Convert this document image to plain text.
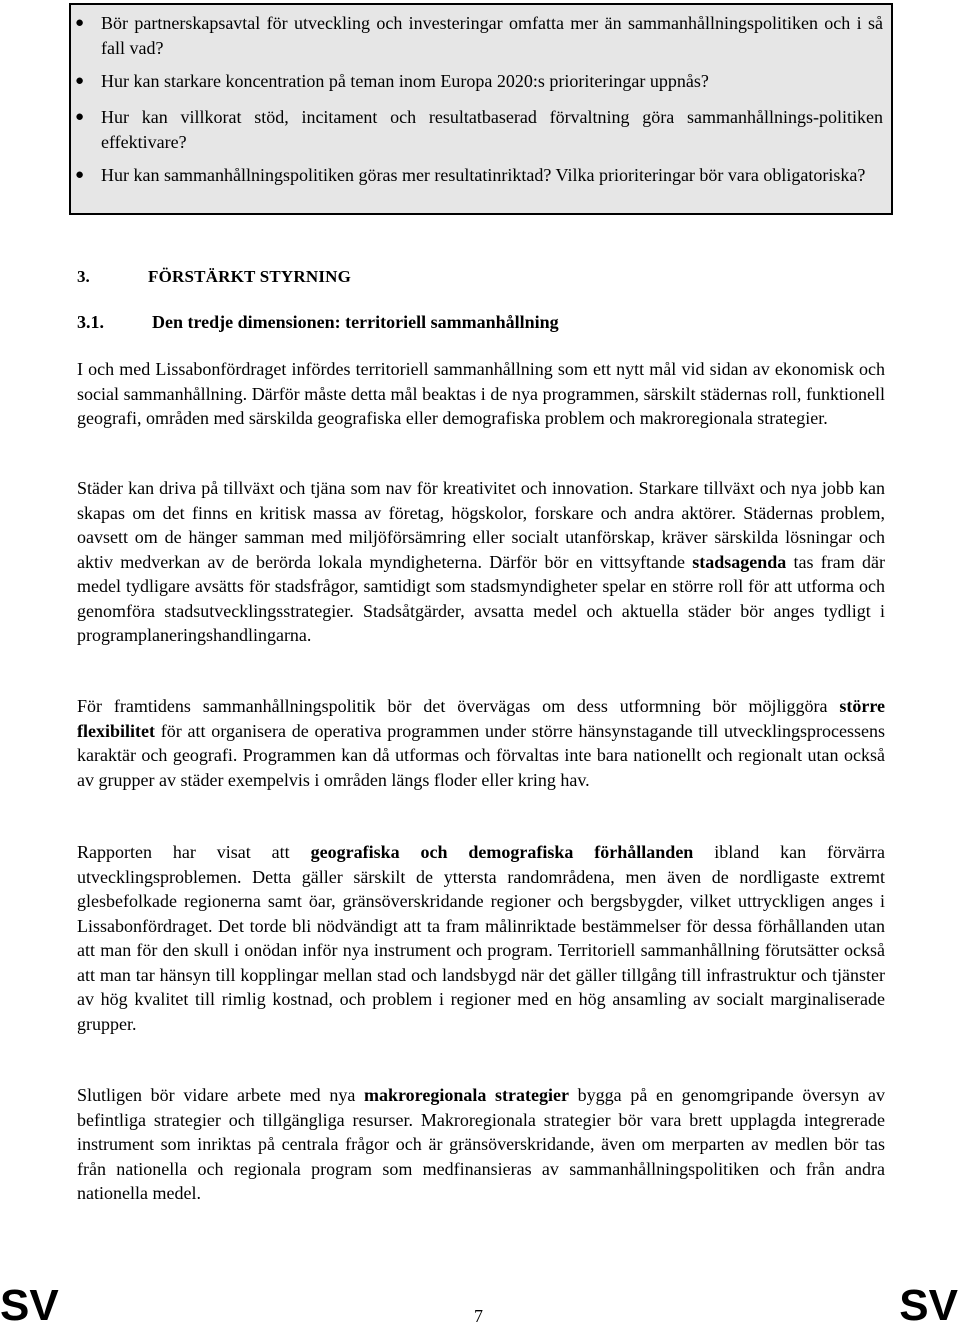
● Bör partnerskapsavtal för utveckling och investeringar omfatta mer än sammanhållningspolitiken och i så fall vad?
● Hur kan starkare koncentration på teman inom Europa 2020:s prioriteringar uppnås?
● Hur kan villkorat stöd, incitament och resultatbaserad förvaltning göra sammanhållnings-politiken effektivare?
● Hur kan sammanhållningspolitiken göras mer resultatinriktad? Vilka prioriteringar bör vara obligatoriska?
3.	FÖRSTÄRKT STYRNING
3.1.	Den tredje dimensionen: territoriell sammanhållning

I och med Lissabonfördraget infördes territoriell sammanhållning som ett nytt mål vid sidan av ekonomisk och social sammanhållning. Därför måste detta mål beaktas i de nya programmen, särskilt städernas roll, funktionell geografi, områden med särskilda geografiska eller demografiska problem och makroregionala strategier.

Städer kan driva på tillväxt och tjäna som nav för kreativitet och innovation. Starkare tillväxt och nya jobb kan skapas om det finns en kritisk massa av företag, högskolor, forskare och andra aktörer. Städernas problem, oavsett om de hänger samman med miljöförsämring eller socialt utanförskap, kräver särskilda lösningar och aktiv medverkan av de berörda lokala myndigheterna. Därför bör en vittsyftande stadsagenda tas fram där medel tydligare avsätts för stadsfrågor, samtidigt som stadsmyndigheter spelar en större roll för att utforma och genomföra stadsutvecklingsstrategier. Stadsåtgärder, avsatta medel och aktuella städer bör anges tydligt i programplaneringshandlingarna.

För framtidens sammanhållningspolitik bör det övervägas om dess utformning bör möjliggöra större flexibilitet för att organisera de operativa programmen under större hänsynstagande till utvecklingsprocessens karaktär och geografi. Programmen kan då utformas och förvaltas inte bara nationellt och regionalt utan också av grupper av städer exempelvis i områden längs floder eller kring hav.

Rapporten har visat att geografiska och demografiska förhållanden ibland kan förvärra utvecklingsproblemen. Detta gäller särskilt de yttersta randområdena, men även de nordligaste extremt glesbefolkade regionerna samt öar, gränsöverskridande regioner och bergsbygder, vilket uttryckligen anges i Lissabonfördraget. Det torde bli nödvändigt att ta fram målinriktade bestämmelser för dessa förhållanden utan att man för den skull i onödan inför nya instrument och program. Territoriell sammanhållning förutsätter också att man tar hänsyn till kopplingar mellan stad och landsbygd när det gäller tillgång till infrastruktur och tjänster av hög kvalitet till rimlig kostnad, och problem i regioner med en hög ansamling av socialt marginaliserade grupper.

Slutligen bör vidare arbete med nya makroregionala strategier bygga på en genomgripande översyn av befintliga strategier och tillgängliga resurser. Makroregionala strategier bör vara brett upplagda integrerade instrument som inriktas på centrala frågor och är gränsöverskridande, även om merparten av medlen bör tas från nationella och regionala program som medfinansieras av sammanhållningspolitiken och från andra nationella medel.

SV	7	SV
